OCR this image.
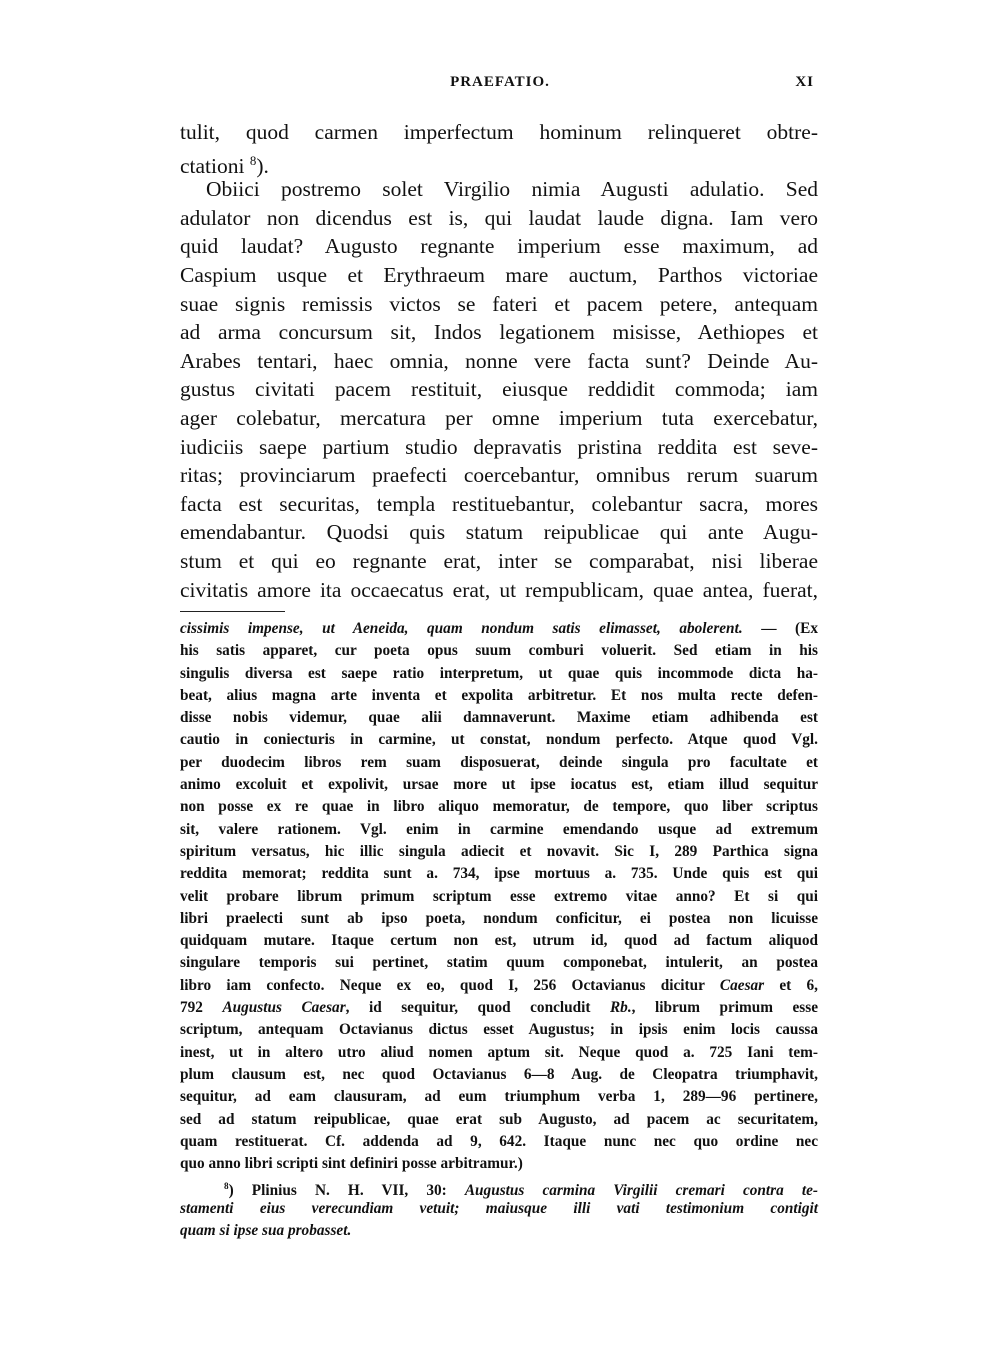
PRAEFATIO.	XI
tulit, quod carmen imperfectum hominum relinqueret obtre-
ctationi $^8$).
Obiici postremo solet Virgilio nimia Augusti adulatio. Sed
adulator non dicendus est is, qui laudat laude digna. Iam vero
quid laudat? Augusto regnante imperium esse maximum, ad
Caspium usque et Erythraeum mare auctum, Parthos victoriae
suae signis remissis victos se fateri et pacem petere, antequam
ad arma concursum sit, Indos legationem misisse, Aethiopes et
Arabes tentari, haec omnia, nonne vere facta sunt? Deinde Au-
gustus civitati pacem restituit, eiusque reddidit commoda; iam
ager colebatur, mercatura per omne imperium tuta exercebatur,
iudiciis saepe partium studio depravatis pristina reddita est seve-
ritas; provinciarum praefecti coercebantur, omnibus rerum suarum
facta est securitas, templa restituebantur, colebantur sacra, mores
emendabantur. Quodsi quis statum reipublicae qui ante Augu-
stum et qui eo regnante erat, inter se comparabat, nisi liberae
civitatis amore ita occaecatus erat, ut rempublicam, quae antea, fuerat,
cissimis impense, ut Aeneida, quam nondum satis elimasset, abolerent. — (Ex
his satis apparet, cur poeta opus suum comburi voluerit. Sed etiam in his
singulis diversa est saepe ratio interpretum, ut quae quis incommode dicta ha-
beat, alius magna arte inventa et expolita arbitretur. Et nos multa recte defen-
disse nobis videmur, quae alii damnaverunt. Maxime etiam adhibenda est
cautio in coniecturis in carmine, ut constat, nondum perfecto. Atque quod Vgl.
per duodecim libros rem suam disposuerat, deinde singula pro facultate et
animo excoluit et expolivit, ursae more ut ipse iocatus est, etiam illud sequitur
non posse ex re quae in libro aliquo memoratur, de tempore, quo liber scriptus
sit, valere rationem. Vgl. enim in carmine emendando usque ad extremum
spiritum versatus, hic illic singula adiecit et novavit. Sic I, 289 Parthica signa
reddita memorat; reddita sunt a. 734, ipse mortuus a. 735. Unde quis est qui
velit probare librum primum scriptum esse extremo vitae anno? Et si qui
libri praelecti sunt ab ipso poeta, nondum conficitur, ei postea non licuisse
quidquam mutare. Itaque certum non est, utrum id, quod ad factum aliquod
singulare temporis sui pertinet, statim quum componebat, intulerit, an postea
libro iam confecto. Neque ex eo, quod I, 256 Octavianus dicitur Caesar et 6,
792 Augustus Caesar, id sequitur, quod concludit Rb., librum primum esse
scriptum, antequam Octavianus dictus esset Augustus; in ipsis enim locis caussa
inest, ut in altero utro aliud nomen aptum sit. Neque quod a. 725 Iani tem-
plum clausum est, nec quod Octavianus 6—8 Aug. de Cleopatra triumphavit,
sequitur, ad eam clausuram, ad eum triumphum verba 1, 289—96 pertinere,
sed ad statum reipublicae, quae erat sub Augusto, ad pacem ac securitatem,
quam restituerat. Cf. addenda ad 9, 642. Itaque nunc nec quo ordine nec
quo anno libri scripti sint definiri posse arbitramur.)
$^8$) Plinius N. H. VII, 30: Augustus carmina Virgilii cremari contra te-
stamenti eius verecundiam vetuit; maiusque illi vati testimonium contigit
quam si ipse sua probasset.
